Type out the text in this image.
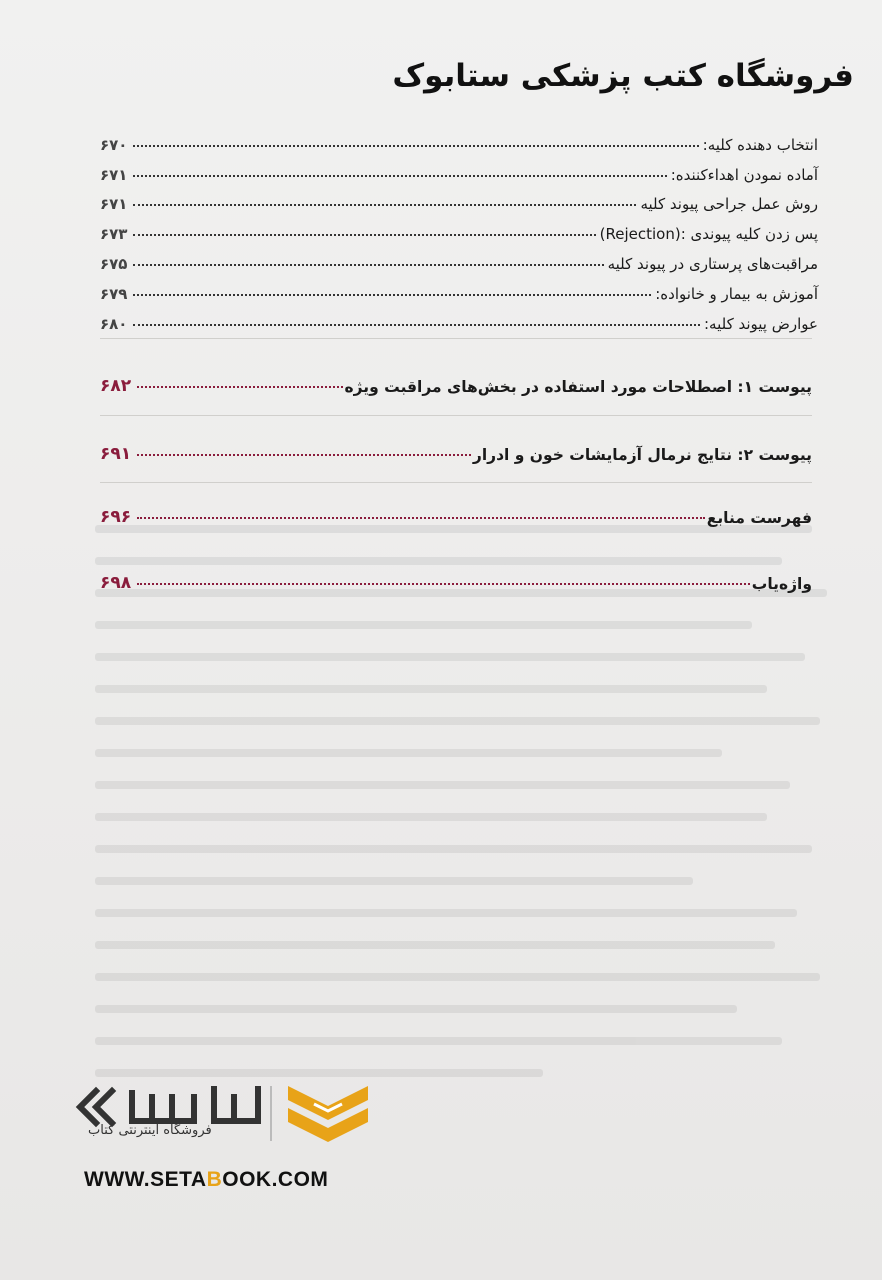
فروشگاه کتب پزشکی ستابوک
انتخاب دهنده کلیه:
۶۷۰
آماده نمودن اهداءکننده:
۶۷۱
روش عمل جراحی پیوند کلیه
۶۷۱
پس زدن کلیه پیوندی :(Rejection)
۶۷۳
مراقبت‌های پرستاری در پیوند کلیه
۶۷۵
آموزش به بیمار و خانواده:
۶۷۹
عوارض پیوند کلیه:
۶۸۰
پیوست ۱: اصطلاحات مورد استفاده در بخش‌های مراقبت ویژه
۶۸۲
پیوست ۲: نتایج نرمال آزمایشات خون و ادرار
۶۹۱
فهرست منابع
۶۹۶
واژه‌یاب
۶۹۸
فروشگاه اینترنتی کتاب
WWW.SETABOOK.COM
